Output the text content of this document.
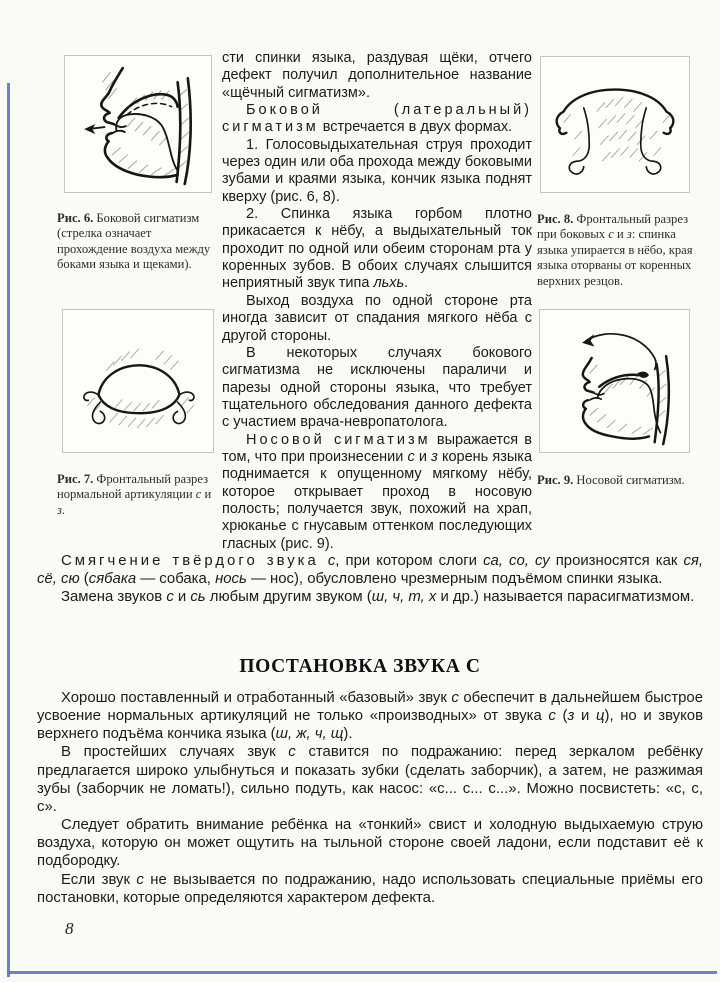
Рис. 6. Боковой сигматизм (стрелка означает прохождение воздуха между боками языка и щеками).

Рис. 7. Фронтальный разрез нормальной артикуляции с и з.

Рис. 8. Фронтальный разрез при боковых с и з: спинка языка упирается в нёбо, края языка оторваны от коренных верхних резцов.

Рис. 9. Носовой сигматизм.

сти спинки языка, раздувая щёки, отчего дефект получил дополнительное название «щёчный сигматизм».

Боковой (латеральный) сигматизм встречается в двух формах.

1. Голосовыдыхательная струя проходит через один или оба прохода между боковыми зубами и краями языка, кончик языка поднят кверху (рис. 6, 8).

2. Спинка языка горбом плотно прикасается к нёбу, а выдыхательный ток проходит по одной или обеим сторонам рта у коренных зубов. В обоих случаях слышится неприятный звук типа льхь.

Выход воздуха по одной стороне рта иногда зависит от спадания мягкого нёба с другой стороны.

В некоторых случаях бокового сигматизма не исключены параличи и парезы одной стороны языка, что требует тщательного обследования данного дефекта с участием врача-невропатолога.

Носовой сигматизм выражается в том, что при произнесении с и з корень языка поднимается к опущенному мягкому нёбу, которое открывает проход в носовую полость; получается звук, похожий на храп, хрюканье с гнусавым оттенком последующих гласных (рис. 9).

Смягчение твёрдого звука с, при котором слоги са, со, су произносятся как ся, сё, сю (сябака — собака, нось — нос), обусловлено чрезмерным подъёмом спинки языка.

Замена звуков с и сь любым другим звуком (ш, ч, т, х и др.) называется парасигматизмом.

ПОСТАНОВКА ЗВУКА С

Хорошо поставленный и отработанный «базовый» звук с обеспечит в дальнейшем быстрое усвоение нормальных артикуляций не только «производных» от звука с (з и ц), но и звуков верхнего подъёма кончика языка (ш, ж, ч, щ).

В простейших случаях звук с ставится по подражанию: перед зеркалом ребёнку предлагается широко улыбнуться и показать зубки (сделать заборчик), а затем, не разжимая зубы (заборчик не ломать!), сильно подуть, как насос: «с... с... с...». Можно посвистеть: «с, с, с».

Следует обратить внимание ребёнка на «тонкий» свист и холодную выдыхаемую струю воздуха, которую он может ощутить на тыльной стороне своей ладони, если подставит её к подбородку.

Если звук с не вызывается по подражанию, надо использовать специальные приёмы его постановки, которые определяются характером дефекта.

8
